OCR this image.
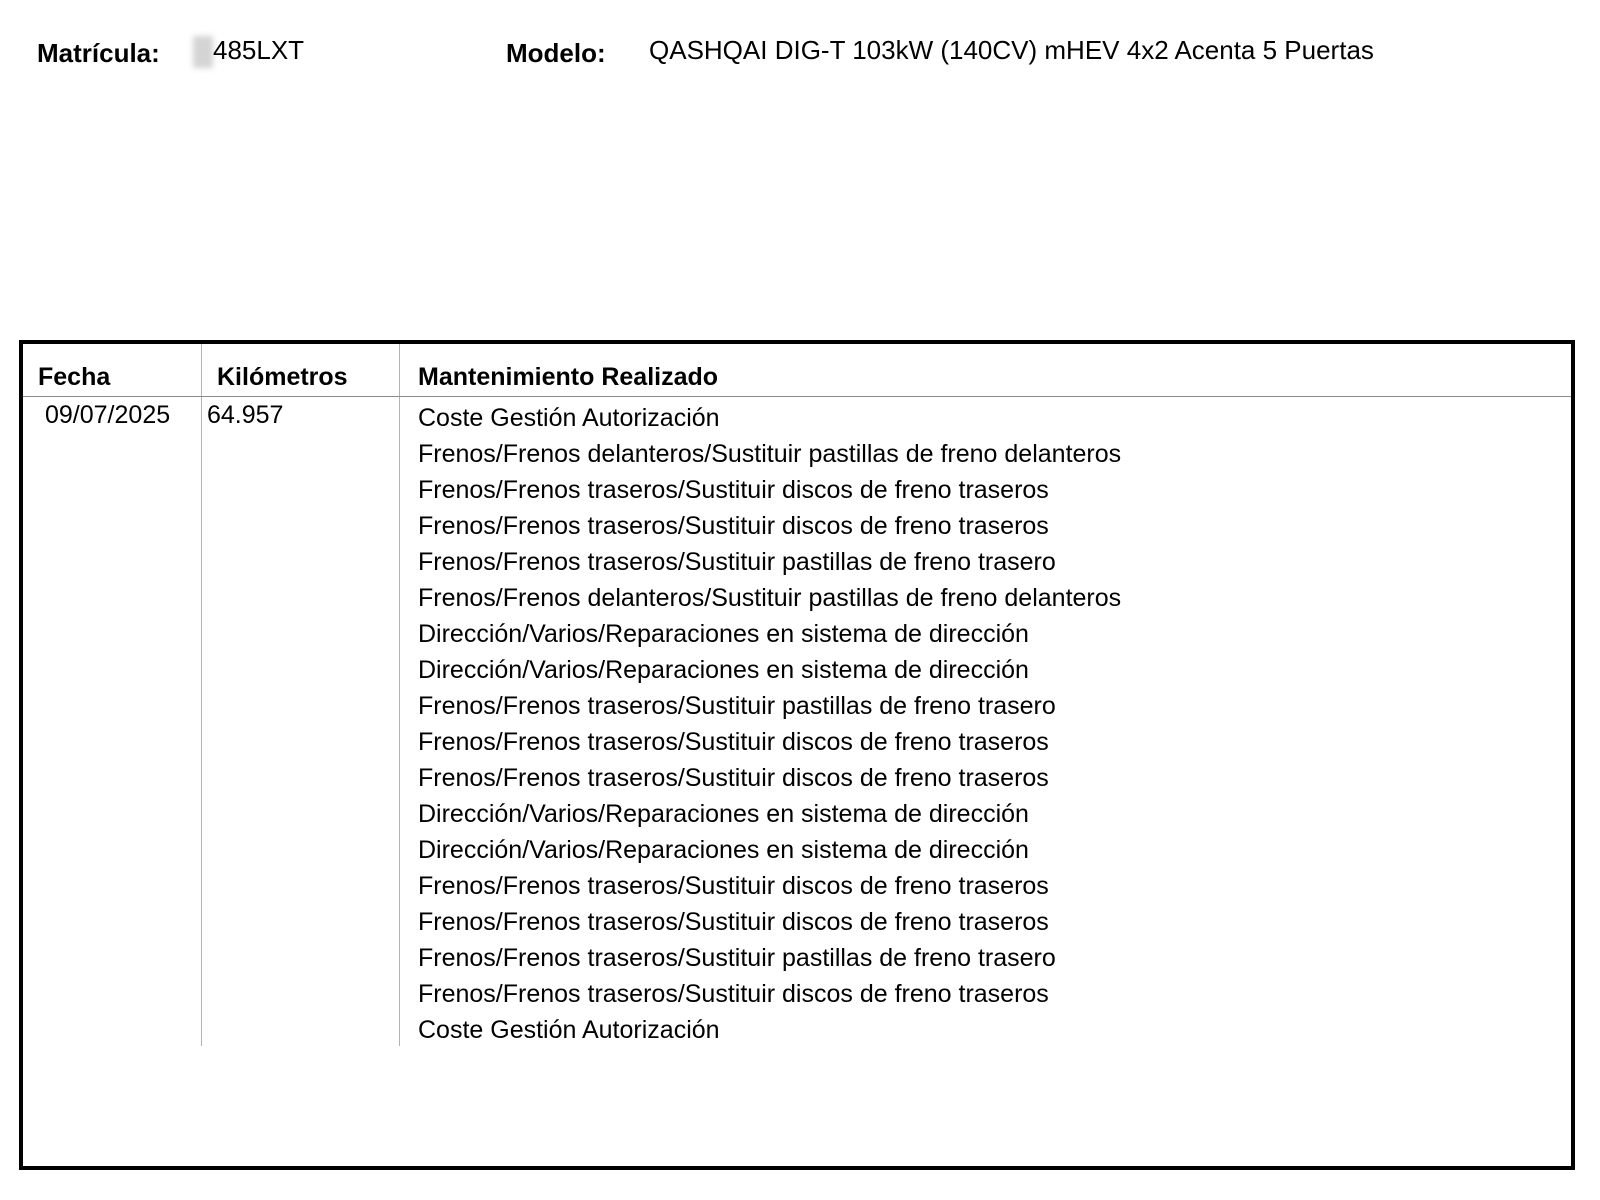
Matrícula: 485LXT	Modelo: QASHQAI DIG-T 103kW (140CV) mHEV 4x2 Acenta 5 Puertas
Fecha	Kilómetros	Mantenimiento Realizado
09/07/2025 64.957	Coste Gestión Autorización
Frenos/Frenos delanteros/Sustituir pastillas de freno delanteros
Frenos/Frenos traseros/Sustituir discos de freno traseros
Frenos/Frenos traseros/Sustituir discos de freno traseros
Frenos/Frenos traseros/Sustituir pastillas de freno trasero
Frenos/Frenos delanteros/Sustituir pastillas de freno delanteros
Dirección/Varios/Reparaciones en sistema de dirección
Dirección/Varios/Reparaciones en sistema de dirección
Frenos/Frenos traseros/Sustituir pastillas de freno trasero
Frenos/Frenos traseros/Sustituir discos de freno traseros
Frenos/Frenos traseros/Sustituir discos de freno traseros
Dirección/Varios/Reparaciones en sistema de dirección
Dirección/Varios/Reparaciones en sistema de dirección
Frenos/Frenos traseros/Sustituir discos de freno traseros
Frenos/Frenos traseros/Sustituir discos de freno traseros
Frenos/Frenos traseros/Sustituir pastillas de freno trasero
Frenos/Frenos traseros/Sustituir discos de freno traseros
Coste Gestión Autorización
